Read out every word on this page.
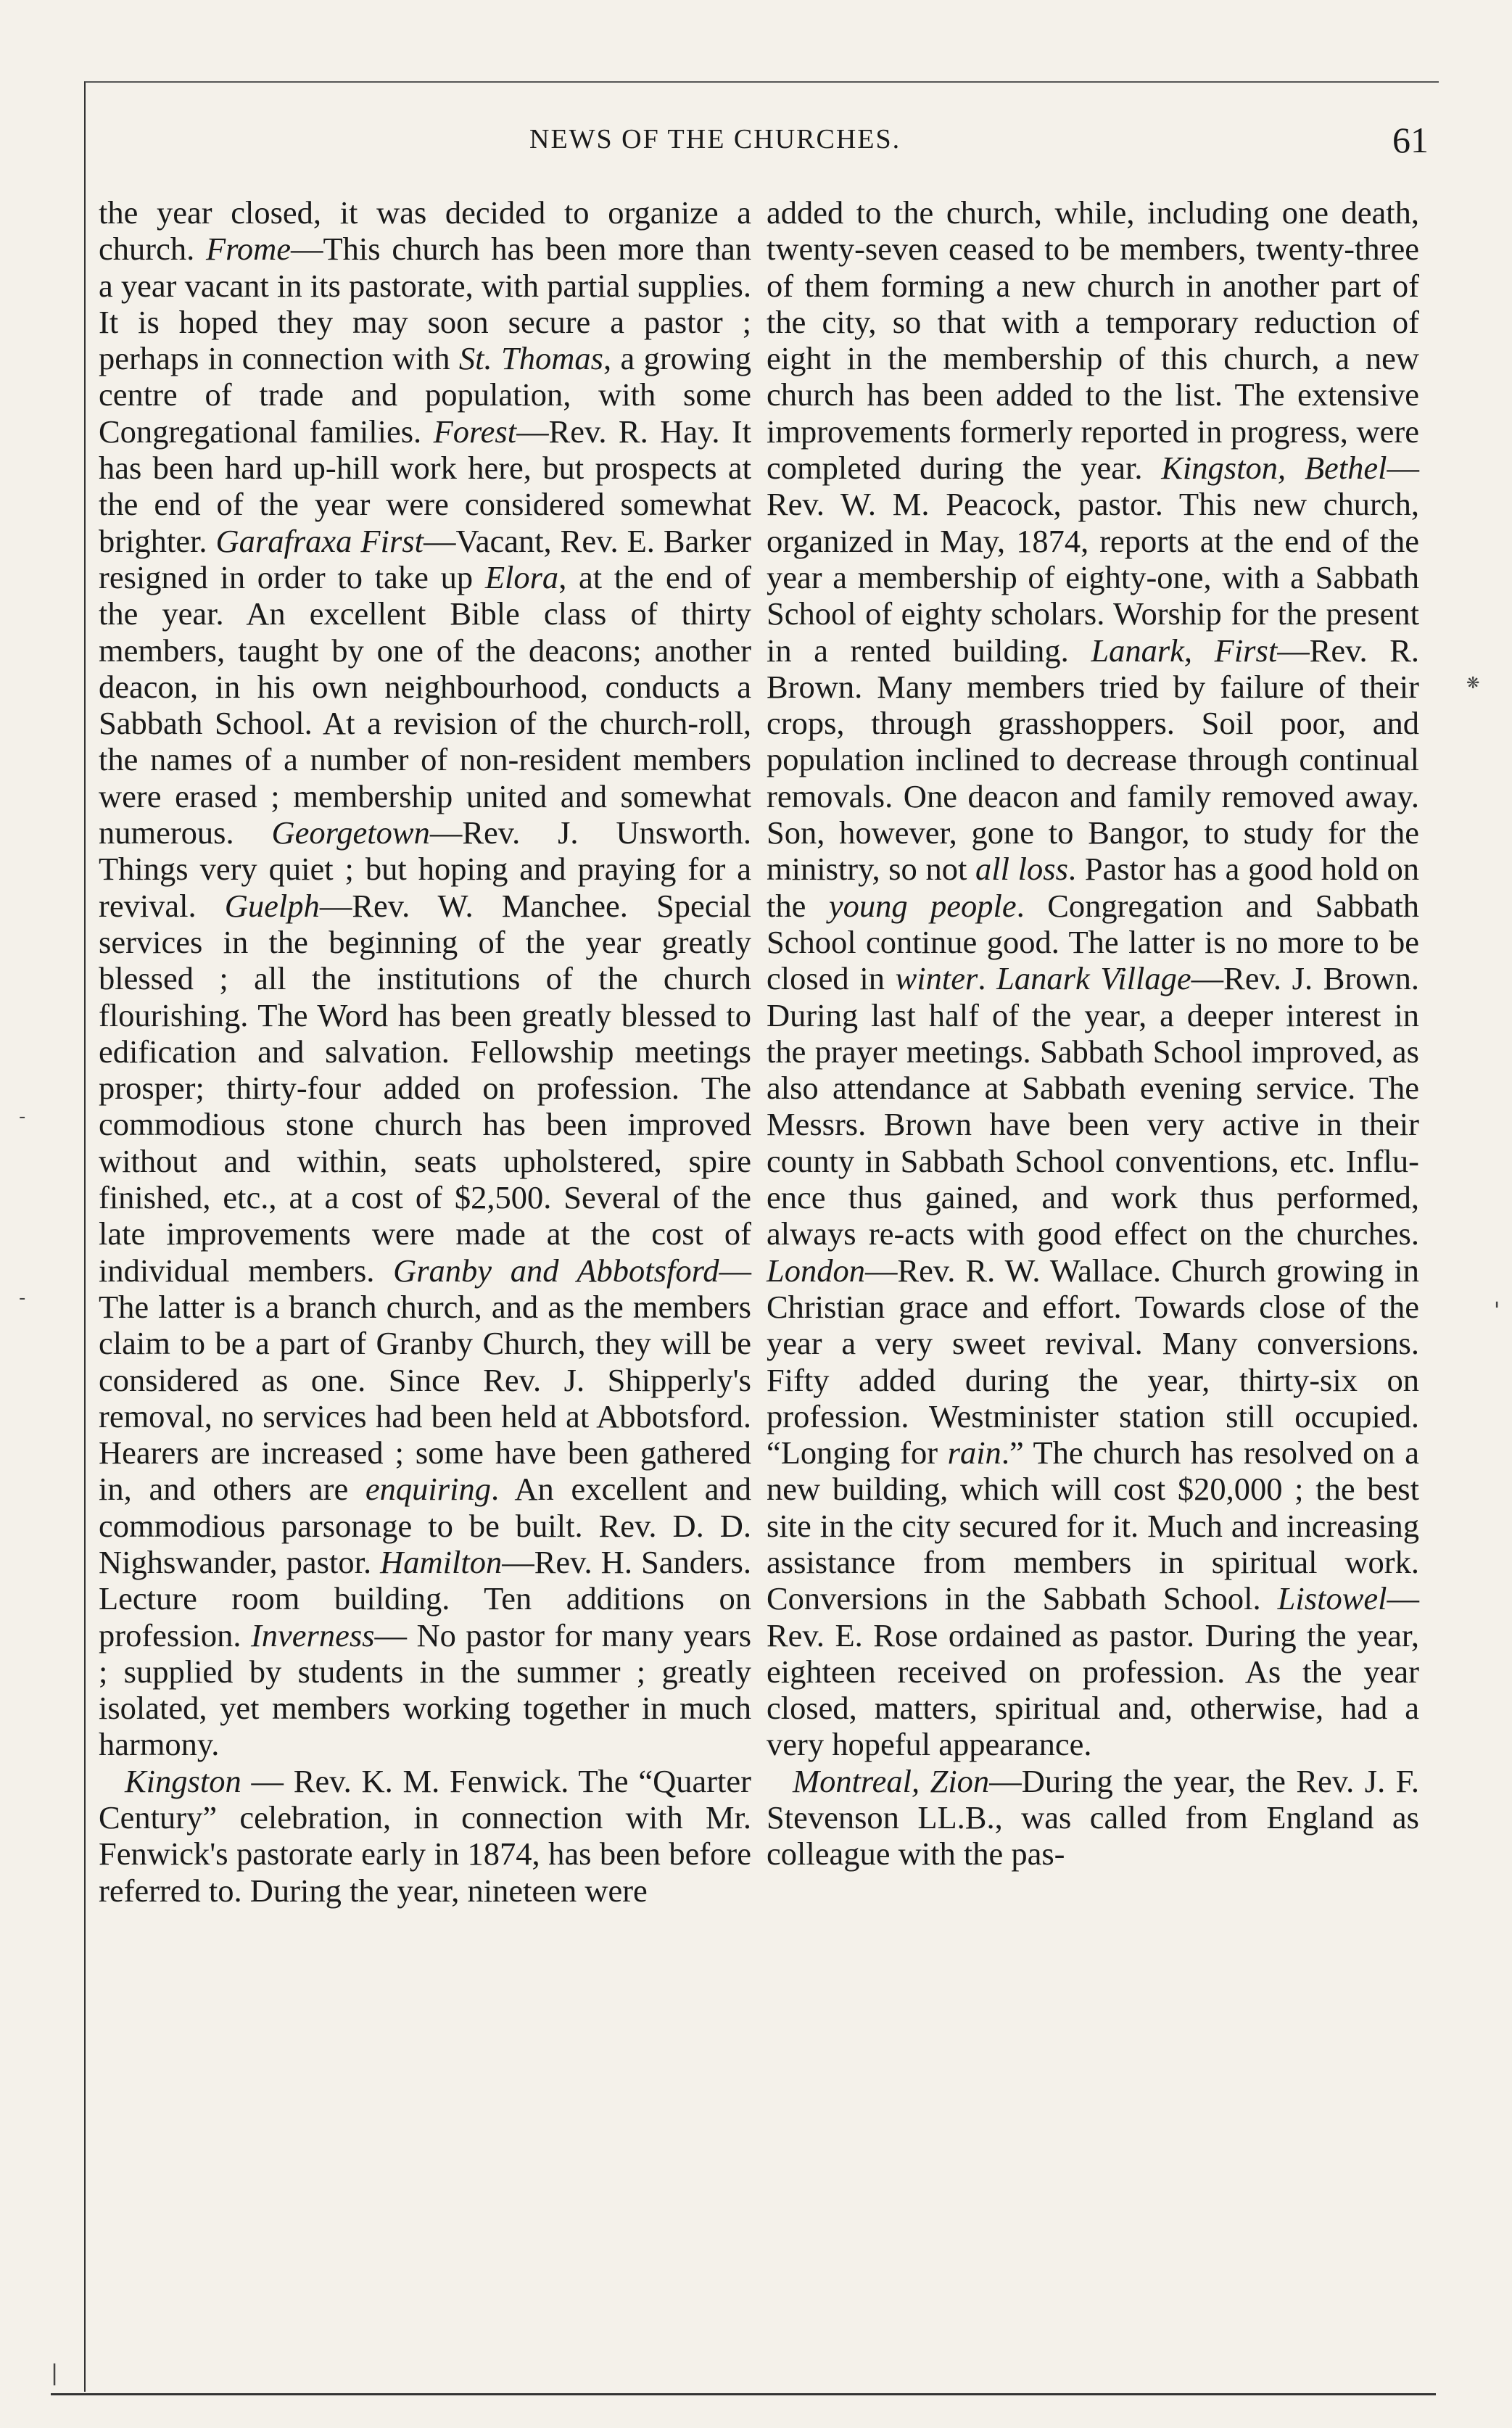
NEWS OF THE CHURCHES.	61

the year closed, it was decided to organize a church. Frome—This church has been more than a year vacant in its pastorate, with partial supplies. It is hoped they may soon secure a pastor ; perhaps in connection with St. Thomas, a growing centre of trade and population, with some Congregational families. Forest—Rev. R. Hay. It has been hard up-hill work here, but prospects at the end of the year were considered somewhat brighter. Garafraxa First—Vacant, Rev. E. Barker resigned in order to take up Elora, at the end of the year. An excellent Bible class of thirty members, taught by one of the deacons; another deacon, in his own neighbourhood, conducts a Sabbath School. At a revision of the church-roll, the names of a number of non-resident members were erased ; membership united and somewhat numerous. Georgetown—Rev. J. Unsworth. Things very quiet ; but hoping and praying for a revival. Guelph—Rev. W. Manchee. Special services in the beginning of the year greatly blessed ; all the institutions of the church flourishing. The Word has been greatly blessed to edification and salvation. Fellowship meetings prosper; thirty-four added on profession. The commodious stone church has been improved without and within, seats upholstered, spire finished, etc., at a cost of $2,500. Several of the late improvements were made at the cost of individual members. Granby and Abbotsford—The latter is a branch church, and as the members claim to be a part of Granby Church, they will be considered as one. Since Rev. J. Shipperly's removal, no services had been held at Abbotsford. Hearers are increased ; some have been gathered in, and others are enquiring. An excellent and commodious parsonage to be built. Rev. D. D. Nighswander, pastor. Hamilton—Rev. H. Sanders. Lecture room building. Ten additions on profession. Inverness— No pastor for many years ; supplied by students in the summer ; greatly isolated, yet members working together in much harmony.

Kingston — Rev. K. M. Fenwick. The “Quarter Century” celebration, in connection with Mr. Fenwick's pastorate early in 1874, has been before referred to. During the year, nineteen were

added to the church, while, including one death, twenty-seven ceased to be members, twenty-three of them forming a new church in another part of the city, so that with a temporary reduction of eight in the membership of this church, a new church has been added to the list. The extensive improvements formerly reported in progress, were completed during the year. Kingston, Bethel—Rev. W. M. Peacock, pastor. This new church, organized in May, 1874, reports at the end of the year a membership of eighty-one, with a Sabbath School of eighty scholars. Worship for the present in a rented building. Lanark, First—Rev. R. Brown. Many members tried by failure of their crops, through grasshoppers. Soil poor, and population inclined to decrease through continual removals. One deacon and family removed away. Son, however, gone to Bangor, to study for the ministry, so not all loss. Pastor has a good hold on the young people. Congregation and Sabbath School continue good. The latter is no more to be closed in winter. Lanark Village—Rev. J. Brown. During last half of the year, a deeper interest in the prayer meetings. Sabbath School improved, as also attendance at Sabbath evening service. The Messrs. Brown have been very active in their county in Sabbath School conventions, etc. Influence thus gained, and work thus performed, always re-acts with good effect on the churches. London—Rev. R. W. Wallace. Church growing in Christian grace and effort. Towards close of the year a very sweet revival. Many conversions. Fifty added during the year, thirty-six on profession. Westminister station still occupied. “Longing for rain.” The church has resolved on a new building, which will cost $20,000 ; the best site in the city secured for it. Much and increasing assistance from members in spiritual work. Conversions in the Sabbath School. Listowel—Rev. E. Rose ordained as pastor. During the year, eighteen received on profession. As the year closed, matters, spiritual and, otherwise, had a very hopeful appearance.

Montreal, Zion—During the year, the Rev. J. F. Stevenson LL.B., was called from England as colleague with the pas-

❋
'
-
-
|
